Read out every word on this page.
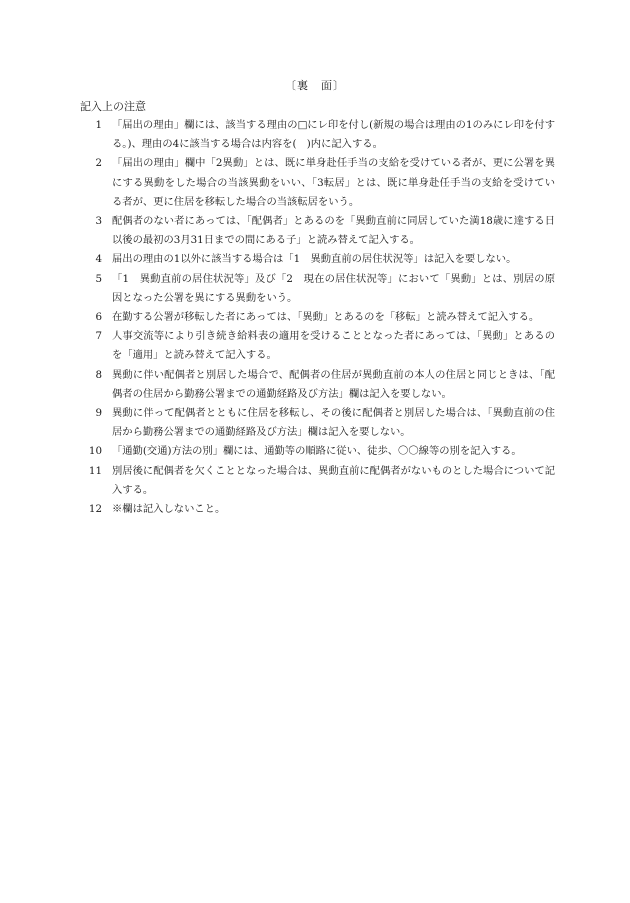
〔裏　面〕
記入上の注意
1 「届出の理由」欄には、該当する理由の□にレ印を付し(新規の場合は理由の1のみにレ印を付する。)、理由の4に該当する場合は内容を(　)内に記入する。
2 「届出の理由」欄中「2異動」とは、既に単身赴任手当の支給を受けている者が、更に公署を異にする異動をした場合の当該異動をいい、「3転居」とは、既に単身赴任手当の支給を受けている者が、更に住居を移転した場合の当該転居をいう。
3 配偶者のない者にあっては、「配偶者」とあるのを「異動直前に同居していた満18歳に達する日以後の最初の3月31日までの間にある子」と読み替えて記入する。
4 届出の理由の1以外に該当する場合は「1　異動直前の居住状況等」は記入を要しない。
5 「1　異動直前の居住状況等」及び「2　現在の居住状況等」において「異動」とは、別居の原因となった公署を異にする異動をいう。
6 在勤する公署が移転した者にあっては、「異動」とあるのを「移転」と読み替えて記入する。
7 人事交流等により引き続き給料表の適用を受けることとなった者にあっては、「異動」とあるのを「適用」と読み替えて記入する。
8 異動に伴い配偶者と別居した場合で、配偶者の住居が異動直前の本人の住居と同じときは、「配偶者の住居から勤務公署までの通勤経路及び方法」欄は記入を要しない。
9 異動に伴って配偶者とともに住居を移転し、その後に配偶者と別居した場合は、「異動直前の住居から勤務公署までの通勤経路及び方法」欄は記入を要しない。
10 「通勤(交通)方法の別」欄には、通勤等の順路に従い、徒歩、〇〇線等の別を記入する。
11 別居後に配偶者を欠くこととなった場合は、異動直前に配偶者がないものとした場合について記入する。
12 ※欄は記入しないこと。
